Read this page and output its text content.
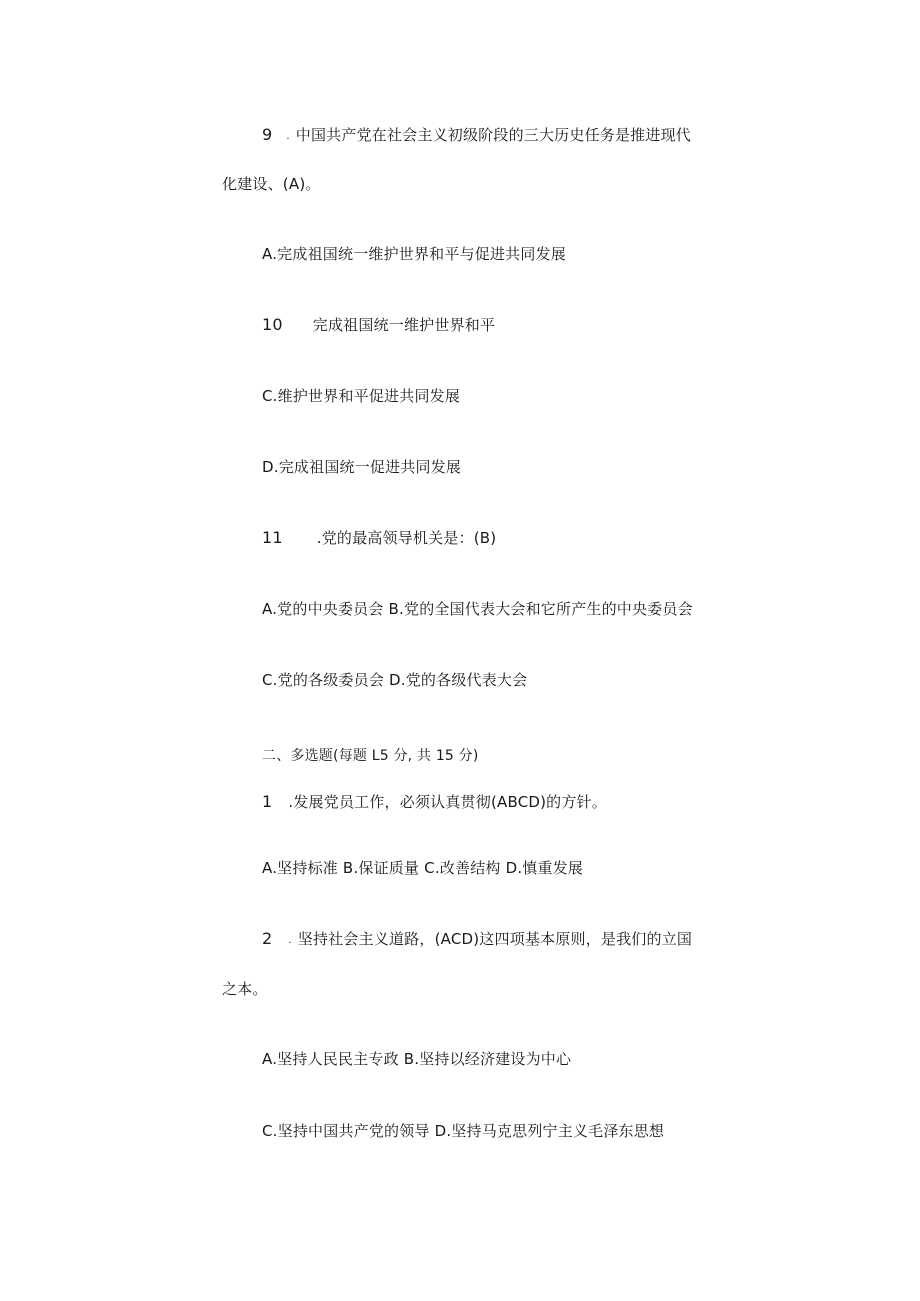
9 . 中国共产党在社会主义初级阶段的三大历史任务是推进现代
化建设、(A)。
A.完成祖国统一维护世界和平与促进共同发展
10 完成祖国统一维护世界和平
C.维护世界和平促进共同发展
D.完成祖国统一促进共同发展
11 .党的最高领导机关是：(B)
A.党的中央委员会 B.党的全国代表大会和它所产生的中央委员会
C.党的各级委员会 D.党的各级代表大会
二、多选题(每题 L5 分, 共 15 分)
1 .发展党员工作，必须认真贯彻(ABCD)的方针。
A.坚持标准 B.保证质量 C.改善结构 D.慎重发展
2 . 坚持社会主义道路，(ACD)这四项基本原则，是我们的立国
之本。
A.坚持人民民主专政 B.坚持以经济建设为中心
C.坚持中国共产党的领导 D.坚持马克思列宁主义毛泽东思想
